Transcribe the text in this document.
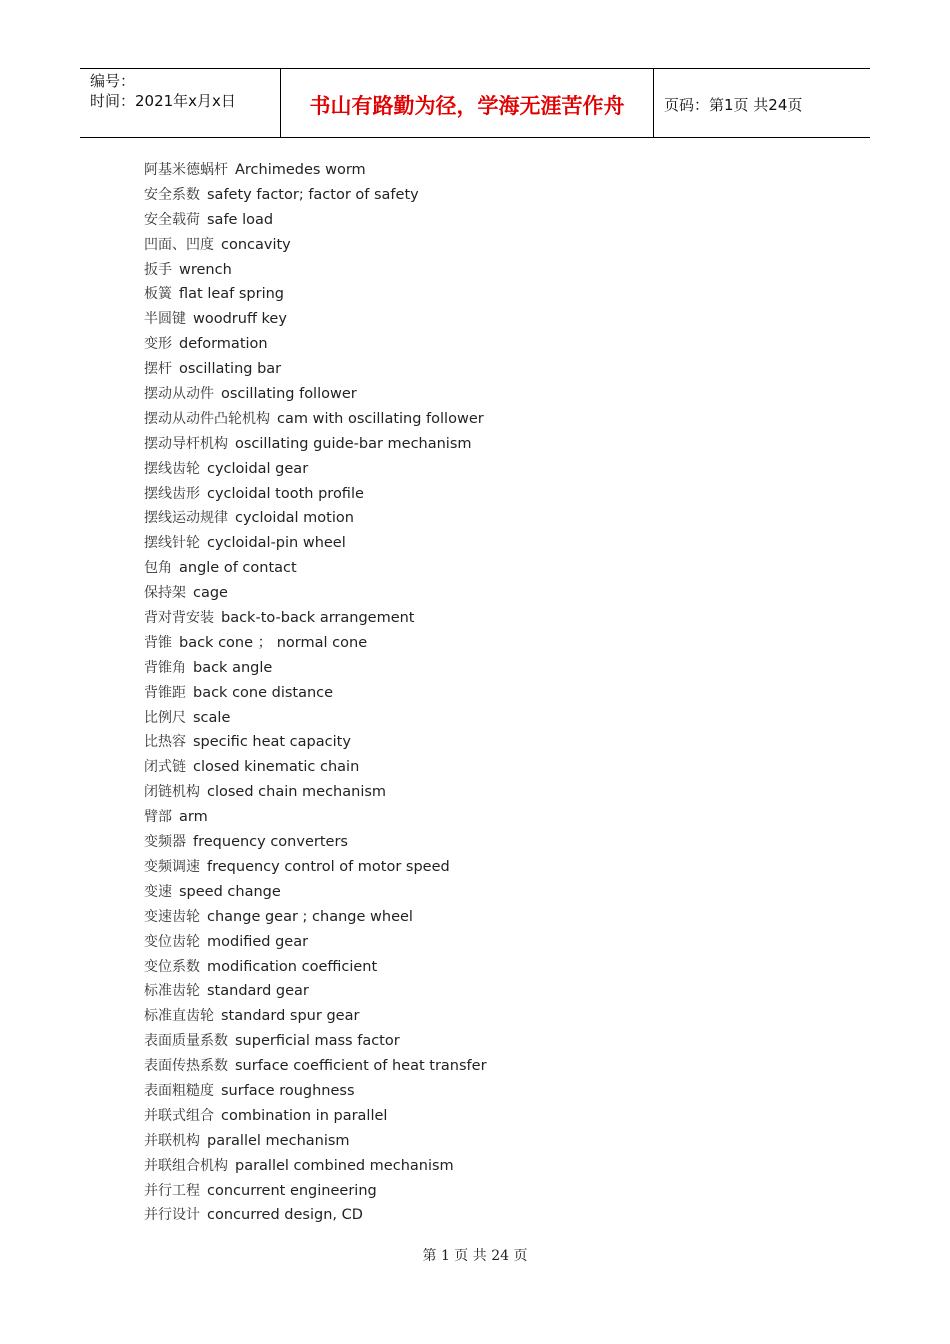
编号：
时间：2021年x月x日	书山有路勤为径，学海无涯苦作舟	页码：第1页 共24页
阿基米德蜗杆 Archimedes worm
安全系数 safety factor; factor of safety
安全载荷 safe load
凹面、凹度 concavity
扳手 wrench
板簧 flat leaf spring
半圆键 woodruff key
变形 deformation
摆杆 oscillating bar
摆动从动件 oscillating follower
摆动从动件凸轮机构 cam with oscillating follower
摆动导杆机构 oscillating guide-bar mechanism
摆线齿轮 cycloidal gear
摆线齿形 cycloidal tooth profile
摆线运动规律 cycloidal motion
摆线针轮 cycloidal-pin wheel
包角 angle of contact
保持架 cage
背对背安装 back-to-back arrangement
背锥 back cone ； normal cone
背锥角 back angle
背锥距 back cone distance
比例尺 scale
比热容 specific heat capacity
闭式链 closed kinematic chain
闭链机构 closed chain mechanism
臂部 arm
变频器 frequency converters
变频调速 frequency control of motor speed
变速 speed change
变速齿轮 change gear ; change wheel
变位齿轮 modified gear
变位系数 modification coefficient
标准齿轮 standard gear
标准直齿轮 standard spur gear
表面质量系数 superficial mass factor
表面传热系数 surface coefficient of heat transfer
表面粗糙度 surface roughness
并联式组合 combination in parallel
并联机构 parallel mechanism
并联组合机构 parallel combined mechanism
并行工程 concurrent engineering
并行设计 concurred design, CD
第 1 页 共 24 页
